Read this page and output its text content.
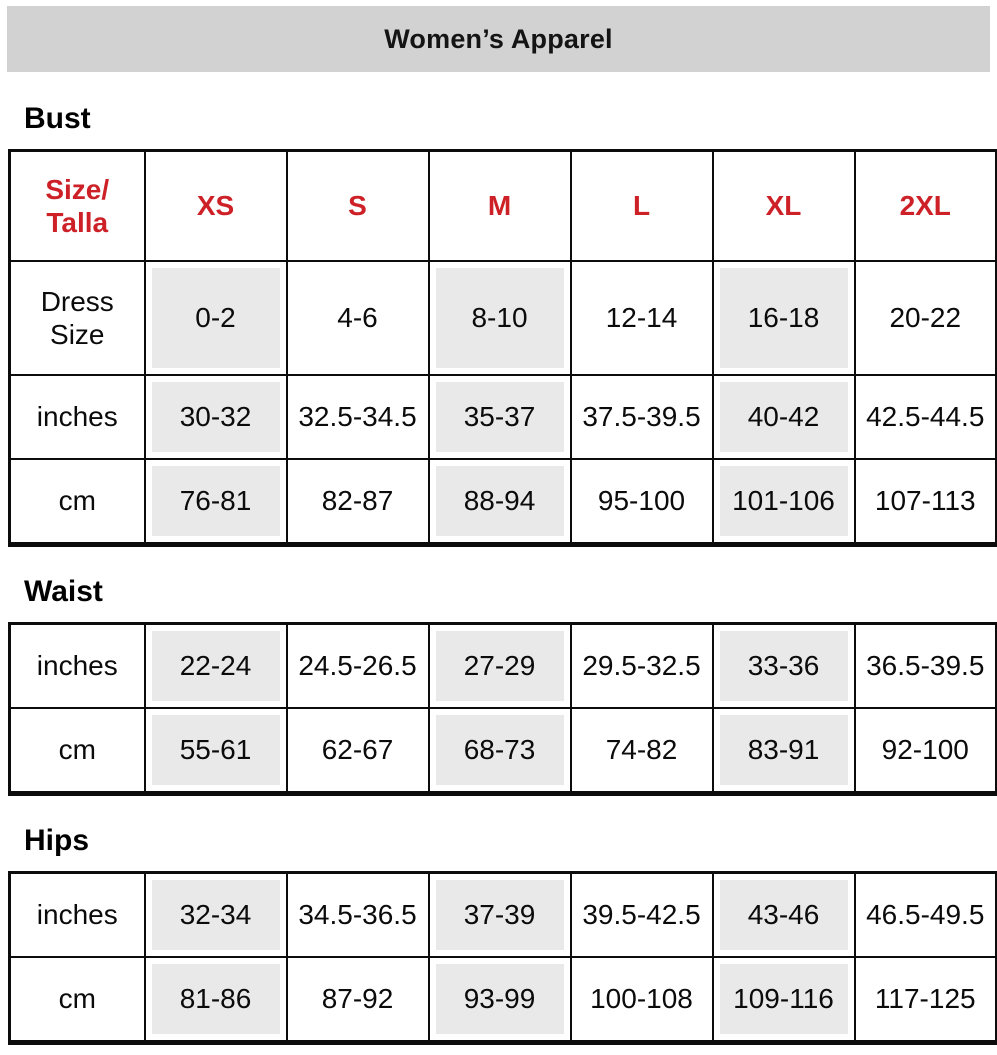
Women’s Apparel
Bust
Size/
Talla	XS	S	M	L	XL	2XL
Dress Size	0-2	4-6	8-10	12-14	16-18	20-22
inches	30-32	32.5-34.5	35-37	37.5-39.5	40-42	42.5-44.5
cm	76-81	82-87	88-94	95-100	101-106	107-113
Waist
inches	22-24	24.5-26.5	27-29	29.5-32.5	33-36	36.5-39.5
cm	55-61	62-67	68-73	74-82	83-91	92-100
Hips
inches	32-34	34.5-36.5	37-39	39.5-42.5	43-46	46.5-49.5
cm	81-86	87-92	93-99	100-108	109-116	117-125
